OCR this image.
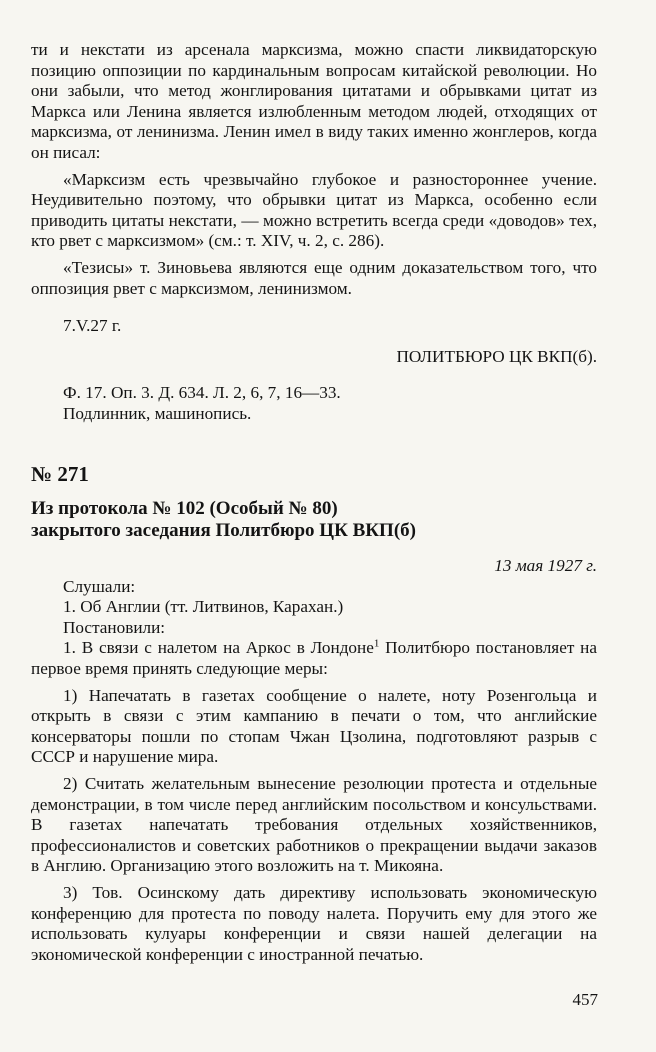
ти и некстати из арсенала марксизма, можно спасти ликвидаторскую позицию оппозиции по кардинальным вопросам китайской революции. Но они забыли, что метод жонглирования цитатами и обрывками цитат из Маркса или Ленина является излюбленным методом людей, отходящих от марксизма, от ленинизма. Ленин имел в виду таких именно жонглеров, когда он писал:

«Марксизм есть чрезвычайно глубокое и разностороннее учение. Неудивительно поэтому, что обрывки цитат из Маркса, особенно если приводить цитаты некстати, — можно встретить всегда среди «доводов» тех, кто рвет с марксизмом» (см.: т. XIV, ч. 2, с. 286).

«Тезисы» т. Зиновьева являются еще одним доказательством того, что оппозиция рвет с марксизмом, ленинизмом.

7.V.27 г.

ПОЛИТБЮРО ЦК ВКП(б).

Ф. 17. Оп. 3. Д. 634. Л. 2, 6, 7, 16—33.

Подлинник, машинопись.

№ 271

Из протокола № 102 (Особый № 80)

закрытого заседания Политбюро ЦК ВКП(б)

13 мая 1927 г.

Слушали:

1. Об Англии (тт. Литвинов, Карахан.)

Постановили:

1. В связи с налетом на Аркос в Лондоне$^1$ Политбюро постановляет на первое время принять следующие меры:

1) Напечатать в газетах сообщение о налете, ноту Розенгольца и открыть в связи с этим кампанию в печати о том, что английские консерваторы пошли по стопам Чжан Цзолина, подготовляют разрыв с СССР и нарушение мира.

2) Считать желательным вынесение резолюции протеста и отдельные демонстрации, в том числе перед английским посольством и консульствами. В газетах напечатать требования отдельных хозяйственников, профессионалистов и советских работников о прекращении выдачи заказов в Англию. Организацию этого возложить на т. Микояна.

3) Тов. Осинскому дать директиву использовать экономическую конференцию для протеста по поводу налета. Поручить ему для этого же использовать кулуары конференции и связи нашей делегации на экономической конференции с иностранной печатью.

457
